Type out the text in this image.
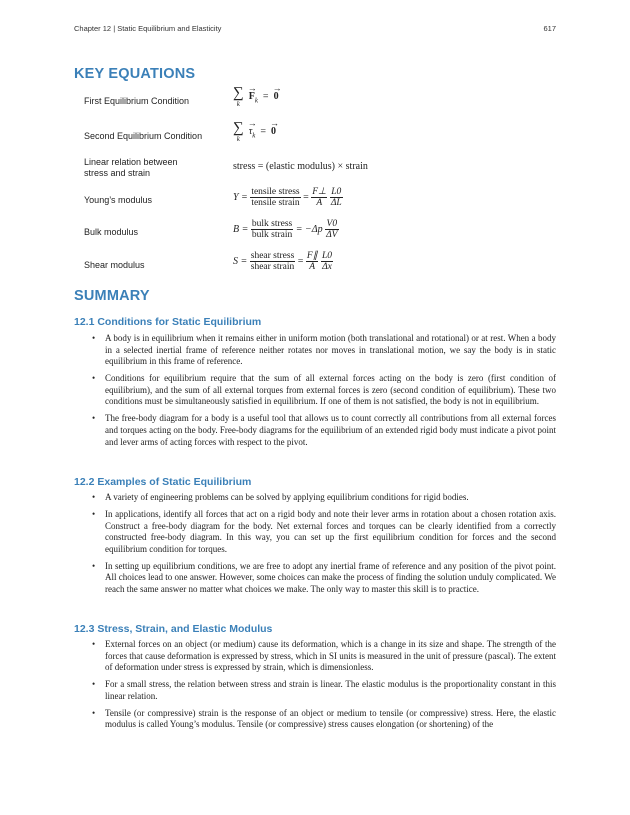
Chapter 12 | Static Equilibrium and Elasticity	617
KEY EQUATIONS
First Equilibrium Condition	∑
k
→ $F_k$ = → 0
Second Equilibrium Condition ∑
k
→ $\tau_k$ = → 0
Linear relation between
stress and strain
stress = (elastic modulus) × strain
Young’s modulus	$Y = \frac{\text{tensile stress}}{\text{tensile strain}} = \frac{F\perp}{A}$
$\frac{L0}{\Delta L}$
Bulk modulus	$B = \frac{\text{bulk stress}}{\text{bulk strain}} = -\Delta p \frac{V0}{\Delta V}$
Shear modulus	$S = \frac{\text{shear stress}}{\text{shear strain}} = \frac{F\parallel}{A}$
$\frac{L0}{\Delta x}$
SUMMARY
12.1 Conditions for Static Equilibrium
• A body is in equilibrium when it remains either in uniform motion (both translational and rotational) or at rest. When a body in a selected inertial frame of reference neither rotates nor moves in translational motion, we say the body is in static equilibrium in this frame of reference.
• Conditions for equilibrium require that the sum of all external forces acting on the body is zero (first condition of equilibrium), and the sum of all external torques from external forces is zero (second condition of equilibrium). These two conditions must be simultaneously satisfied in equilibrium. If one of them is not satisfied, the body is not in equilibrium.
• The free-body diagram for a body is a useful tool that allows us to count correctly all contributions from all external forces and torques acting on the body. Free-body diagrams for the equilibrium of an extended rigid body must indicate a pivot point and lever arms of acting forces with respect to the pivot.
12.2 Examples of Static Equilibrium
• A variety of engineering problems can be solved by applying equilibrium conditions for rigid bodies.
• In applications, identify all forces that act on a rigid body and note their lever arms in rotation about a chosen rotation axis. Construct a free-body diagram for the body. Net external forces and torques can be clearly identified from a correctly constructed free-body diagram. In this way, you can set up the first equilibrium condition for forces and the second equilibrium condition for torques.
• In setting up equilibrium conditions, we are free to adopt any inertial frame of reference and any position of the pivot point. All choices lead to one answer. However, some choices can make the process of finding the solution unduly complicated. We reach the same answer no matter what choices we make. The only way to master this skill is to practice.
12.3 Stress, Strain, and Elastic Modulus
• External forces on an object (or medium) cause its deformation, which is a change in its size and shape. The strength of the forces that cause deformation is expressed by stress, which in SI units is measured in the unit of pressure (pascal). The extent of deformation under stress is expressed by strain, which is dimensionless.
• For a small stress, the relation between stress and strain is linear. The elastic modulus is the proportionality constant in this linear relation.
• Tensile (or compressive) strain is the response of an object or medium to tensile (or compressive) stress. Here, the elastic modulus is called Young’s modulus. Tensile (or compressive) stress causes elongation (or shortening) of the
